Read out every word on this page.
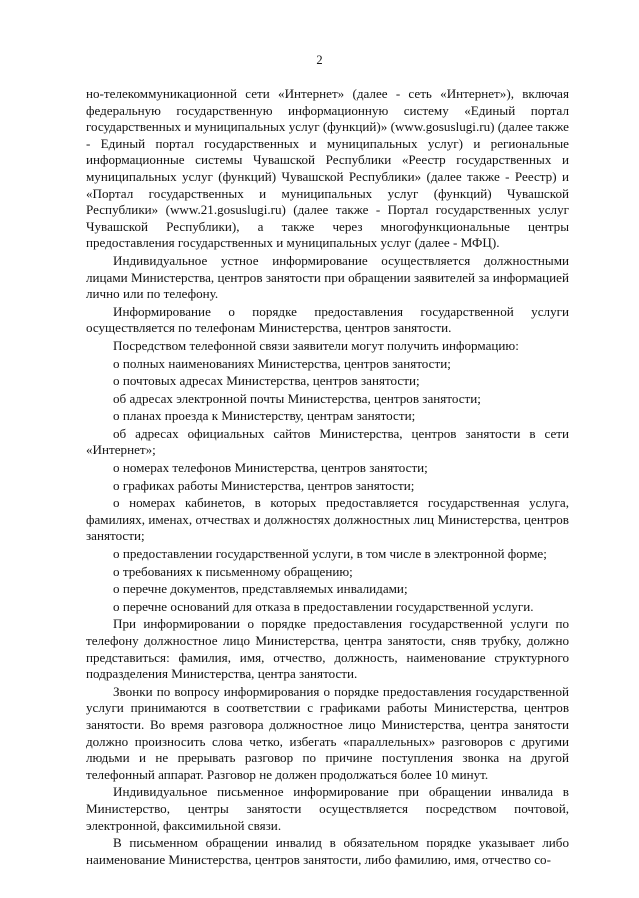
2

но-телекоммуникационной сети «Интернет» (далее - сеть «Интернет»), включая федеральную государственную информационную систему «Единый портал государственных и муниципальных услуг (функций)» (www.gosuslugi.ru) (далее также - Единый портал государственных и муниципальных услуг) и региональные информационные системы Чувашской Республики «Реестр государственных и муниципальных услуг (функций) Чувашской Республики» (далее также - Реестр) и «Портал государственных и муниципальных услуг (функций) Чувашской Республики» (www.21.gosuslugi.ru) (далее также - Портал государственных услуг Чувашской Республики), а также через многофункциональные центры предоставления государственных и муниципальных услуг (далее - МФЦ).

Индивидуальное устное информирование осуществляется должностными лицами Министерства, центров занятости при обращении заявителей за информацией лично или по телефону.

Информирование о порядке предоставления государственной услуги осуществляется по телефонам Министерства, центров занятости.

Посредством телефонной связи заявители могут получить информацию:

о полных наименованиях Министерства, центров занятости;

о почтовых адресах Министерства, центров занятости;

об адресах электронной почты Министерства, центров занятости;

о планах проезда к Министерству, центрам занятости;

об адресах официальных сайтов Министерства, центров занятости в сети «Интернет»;

о номерах телефонов Министерства, центров занятости;

о графиках работы Министерства, центров занятости;

о номерах кабинетов, в которых предоставляется государственная услуга, фамилиях, именах, отчествах и должностях должностных лиц Министерства, центров занятости;

о предоставлении государственной услуги, в том числе в электронной форме;

о требованиях к письменному обращению;

о перечне документов, представляемых инвалидами;

о перечне оснований для отказа в предоставлении государственной услуги.

При информировании о порядке предоставления государственной услуги по телефону должностное лицо Министерства, центра занятости, сняв трубку, должно представиться: фамилия, имя, отчество, должность, наименование структурного подразделения Министерства, центра занятости.

Звонки по вопросу информирования о порядке предоставления государственной услуги принимаются в соответствии с графиками работы Министерства, центров занятости. Во время разговора должностное лицо Министерства, центра занятости должно произносить слова четко, избегать «параллельных» разговоров с другими людьми и не прерывать разговор по причине поступления звонка на другой телефонный аппарат. Разговор не должен продолжаться более 10 минут.

Индивидуальное письменное информирование при обращении инвалида в Министерство, центры занятости осуществляется посредством почтовой, электронной, факсимильной связи.

В письменном обращении инвалид в обязательном порядке указывает либо наименование Министерства, центров занятости, либо фамилию, имя, отчество со-
